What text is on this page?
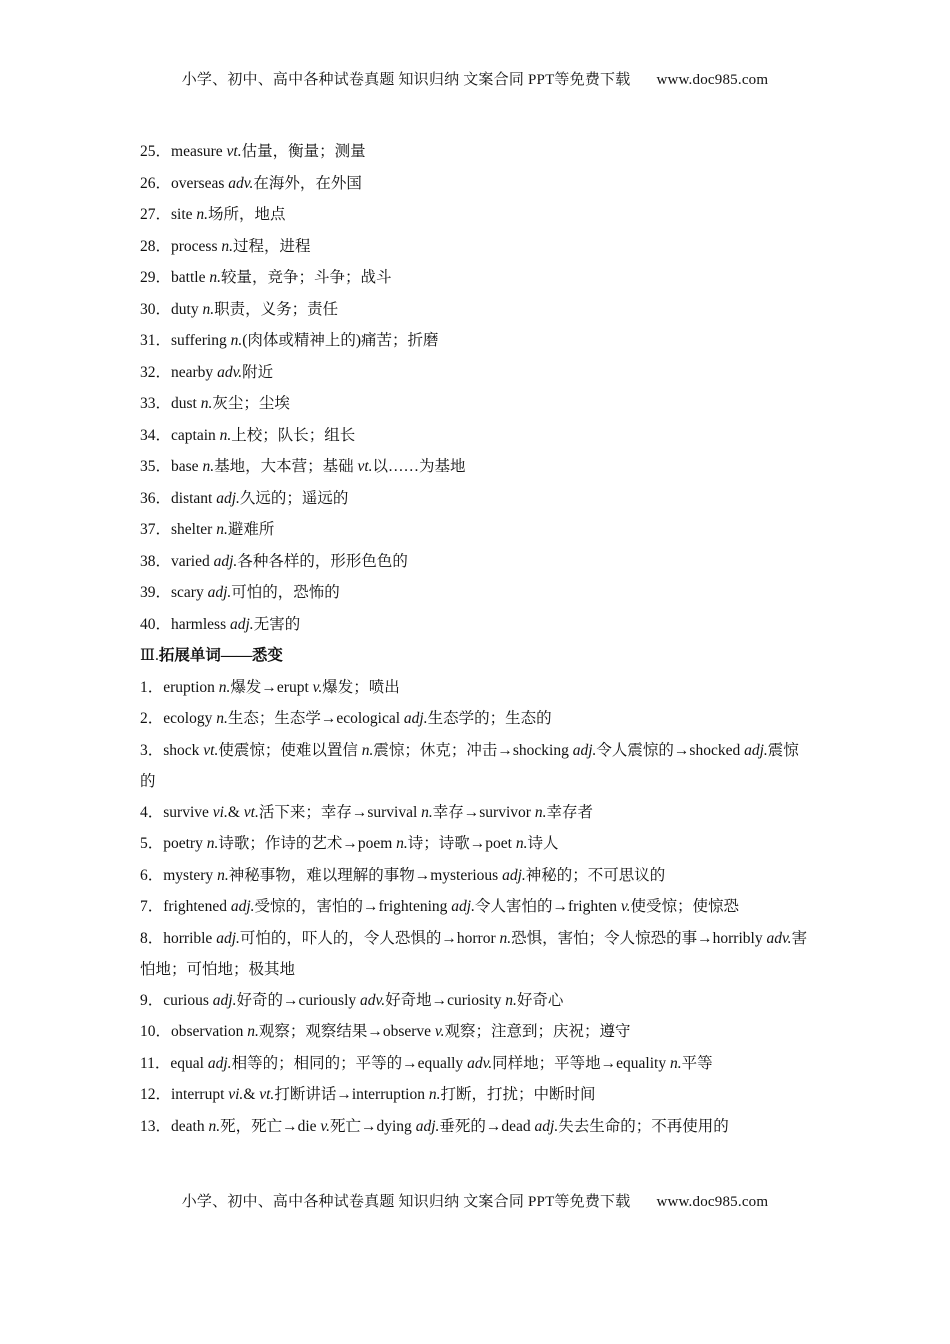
小学、初中、高中各种试卷真题 知识归纳 文案合同 PPT等免费下载 www.doc985.com
25．measure vt.估量，衡量；测量
26．overseas adv.在海外，在外国
27．site n.场所，地点
28．process n.过程，进程
29．battle n.较量，竞争；斗争；战斗
30．duty n.职责，义务；责任
31．suffering n.(肉体或精神上的)痛苦；折磨
32．nearby adv.附近
33．dust n.灰尘；尘埃
34．captain n.上校；队长；组长
35．base n.基地，大本营；基础 vt.以……为基地
36．distant adj.久远的；遥远的
37．shelter n.避难所
38．varied adj.各种各样的，形形色色的
39．scary adj.可怕的，恐怖的
40．harmless adj.无害的
Ⅲ.拓展单词——悉变
1．eruption n.爆发→erupt v.爆发；喷出
2．ecology n.生态；生态学→ecological adj.生态学的；生态的
3．shock vt.使震惊；使难以置信 n.震惊；休克；冲击→shocking adj.令人震惊的→shocked adj.震惊的
4．survive vi.& vt.活下来；幸存→survival n.幸存→survivor n.幸存者
5．poetry n.诗歌；作诗的艺术→poem n.诗；诗歌→poet n.诗人
6．mystery n.神秘事物，难以理解的事物→mysterious adj.神秘的；不可思议的
7．frightened adj.受惊的，害怕的→frightening adj.令人害怕的→frighten v.使受惊；使惊恐
8．horrible adj.可怕的，吓人的，令人恐惧的→horror n.恐惧，害怕；令人惊恐的事→horribly adv.害怕地；可怕地；极其地
9．curious adj.好奇的→curiously adv.好奇地→curiosity n.好奇心
10．observation n.观察；观察结果→observe v.观察；注意到；庆祝；遵守
11．equal adj.相等的；相同的；平等的→equally adv.同样地；平等地→equality n.平等
12．interrupt vi.& vt.打断讲话→interruption n.打断，打扰；中断时间
13．death n.死，死亡→die v.死亡→dying adj.垂死的→dead adj.失去生命的；不再使用的
小学、初中、高中各种试卷真题 知识归纳 文案合同 PPT等免费下载 www.doc985.com
